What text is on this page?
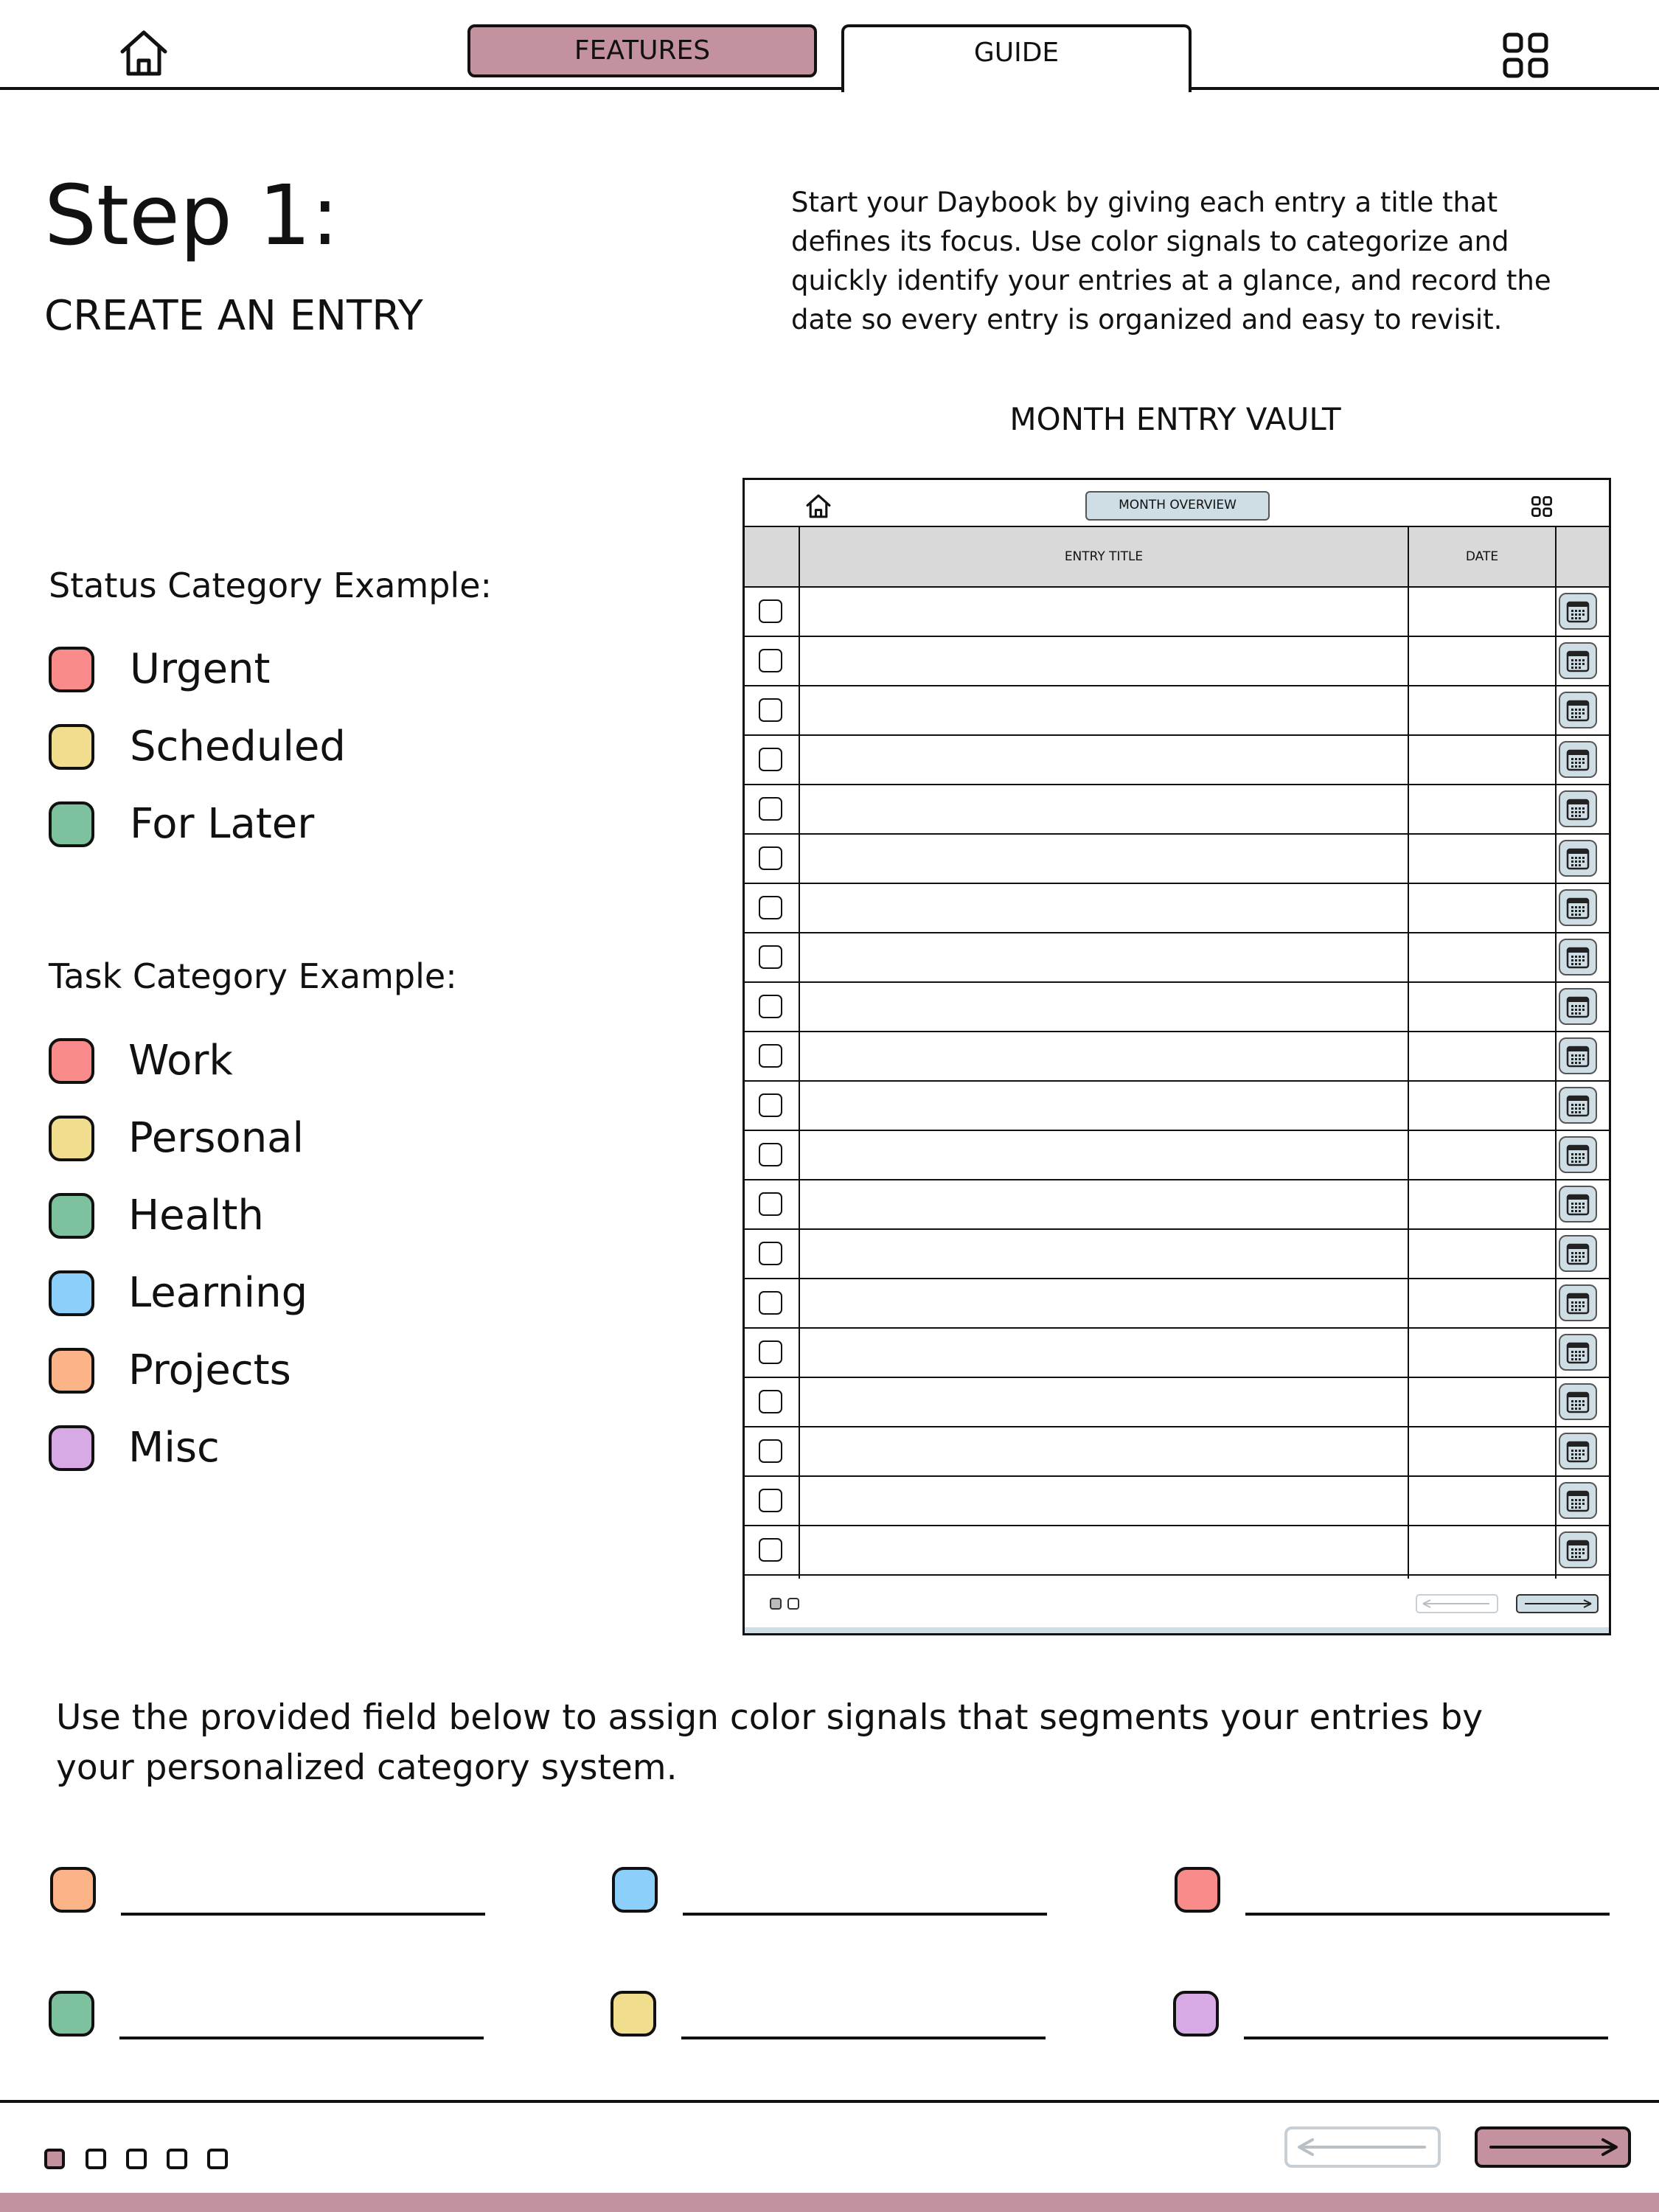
FEATURES	GUIDE
Step 1:
CREATE AN ENTRY
Start your Daybook by giving each entry a title that defines its focus. Use color signals to categorize and quickly identify your entries at a glance, and record the date so every entry is organized and easy to revisit.
Status Category Example:
Urgent
Scheduled
For Later
Task Category Example:
Work
Personal
Health
Learning
Projects
Misc
MONTH ENTRY VAULT
MONTH OVERVIEW
ENTRY TITLE	DATE
Use the provided field below to assign color signals that segments your entries by your personalized category system.
